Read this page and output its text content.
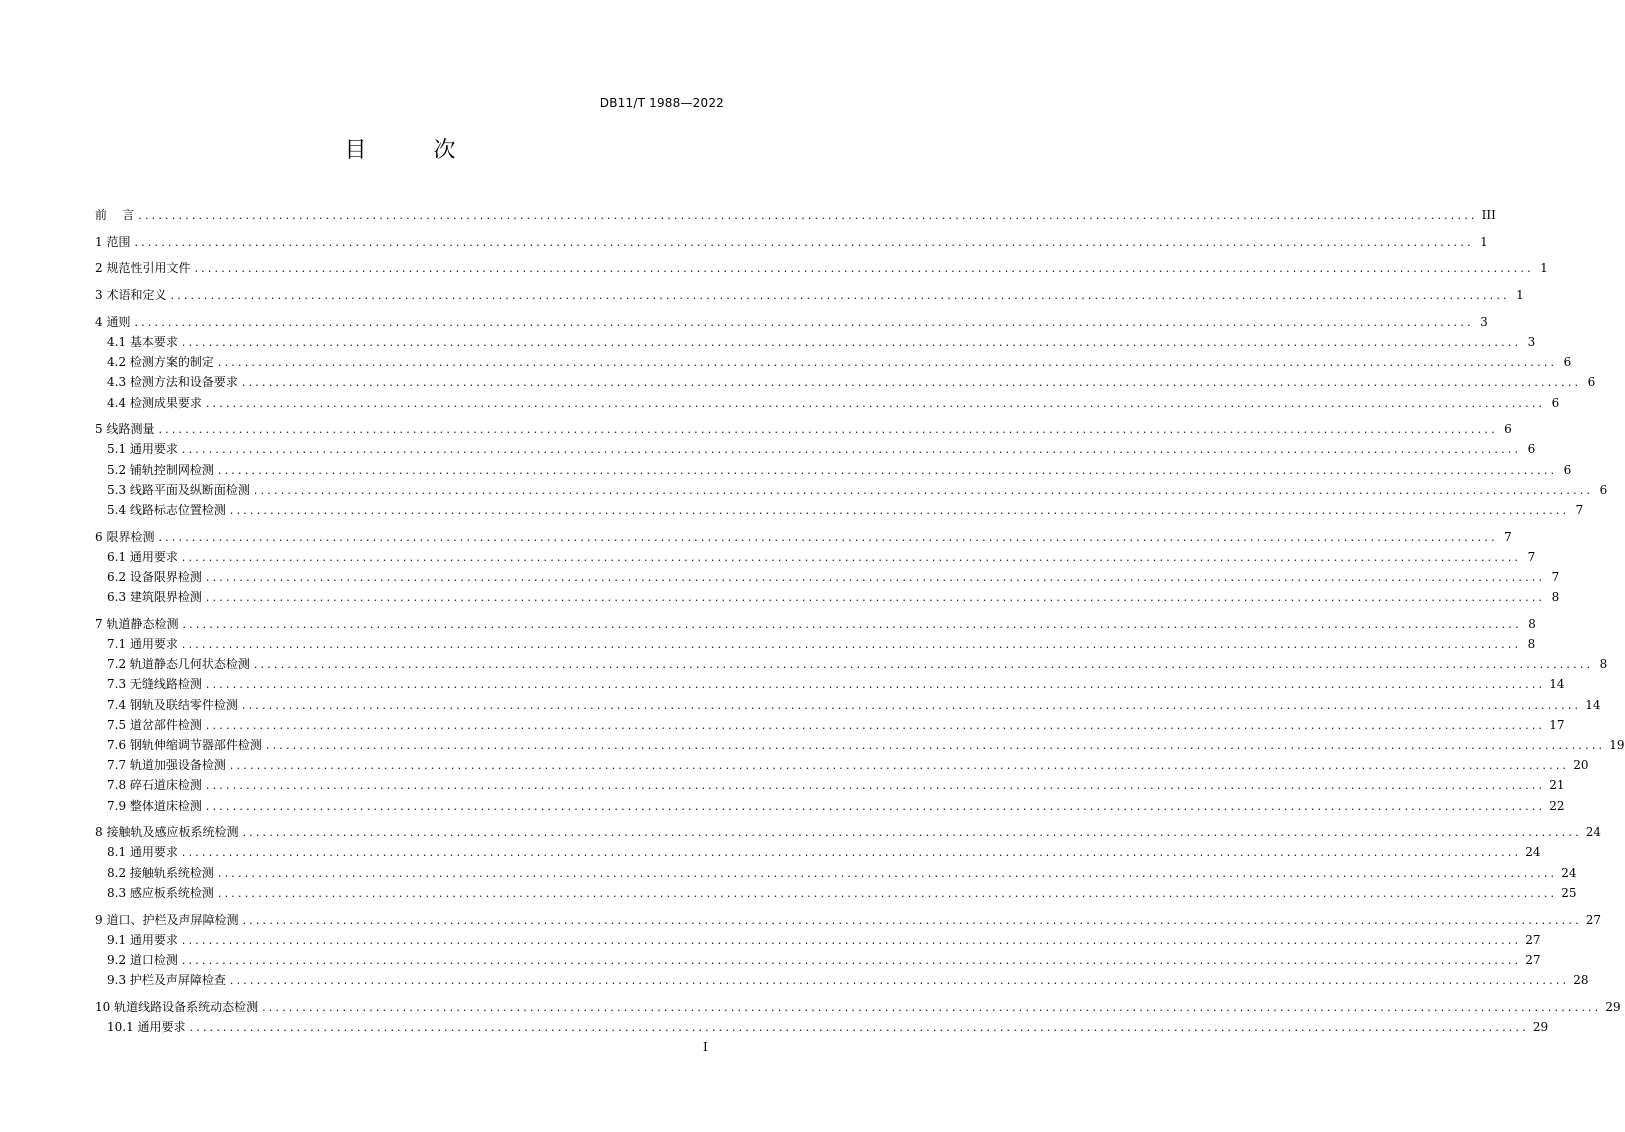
DB11/T 1988—2022
目 次
前    言 ........................................................................................................................................................................................................ III
1 范围 ........................................................................................................................................................................................................ 1
2 规范性引用文件 ........................................................................................................................................................................................................ 1
3 术语和定义 ........................................................................................................................................................................................................ 1
4 通则 ........................................................................................................................................................................................................ 3
4.1 基本要求 ........................................................................................................................................................................................................ 3
4.2 检测方案的制定 ........................................................................................................................................................................................................ 6
4.3 检测方法和设备要求 ........................................................................................................................................................................................................ 6
4.4 检测成果要求 ........................................................................................................................................................................................................ 6
5 线路测量 ........................................................................................................................................................................................................ 6
5.1 通用要求 ........................................................................................................................................................................................................ 6
5.2 铺轨控制网检测 ........................................................................................................................................................................................................ 6
5.3 线路平面及纵断面检测 ........................................................................................................................................................................................................ 6
5.4 线路标志位置检测 ........................................................................................................................................................................................................ 7
6 限界检测 ........................................................................................................................................................................................................ 7
6.1 通用要求 ........................................................................................................................................................................................................ 7
6.2 设备限界检测 ........................................................................................................................................................................................................ 7
6.3 建筑限界检测 ........................................................................................................................................................................................................ 8
7 轨道静态检测 ........................................................................................................................................................................................................ 8
7.1 通用要求 ........................................................................................................................................................................................................ 8
7.2 轨道静态几何状态检测 ........................................................................................................................................................................................................ 8
7.3 无缝线路检测 ........................................................................................................................................................................................................ 14
7.4 钢轨及联结零件检测 ........................................................................................................................................................................................................ 14
7.5 道岔部件检测 ........................................................................................................................................................................................................ 17
7.6 钢轨伸缩调节器部件检测 ........................................................................................................................................................................................................ 19
7.7 轨道加强设备检测 ........................................................................................................................................................................................................ 20
7.8 碎石道床检测 ........................................................................................................................................................................................................ 21
7.9 整体道床检测 ........................................................................................................................................................................................................ 22
8 接触轨及感应板系统检测 ........................................................................................................................................................................................................ 24
8.1 通用要求 ........................................................................................................................................................................................................ 24
8.2 接触轨系统检测 ........................................................................................................................................................................................................ 24
8.3 感应板系统检测 ........................................................................................................................................................................................................ 25
9 道口、护栏及声屏障检测 ........................................................................................................................................................................................................ 27
9.1 通用要求 ........................................................................................................................................................................................................ 27
9.2 道口检测 ........................................................................................................................................................................................................ 27
9.3 护栏及声屏障检查 ........................................................................................................................................................................................................ 28
10 轨道线路设备系统动态检测 ........................................................................................................................................................................................................ 29
10.1 通用要求 ........................................................................................................................................................................................................ 29
I
